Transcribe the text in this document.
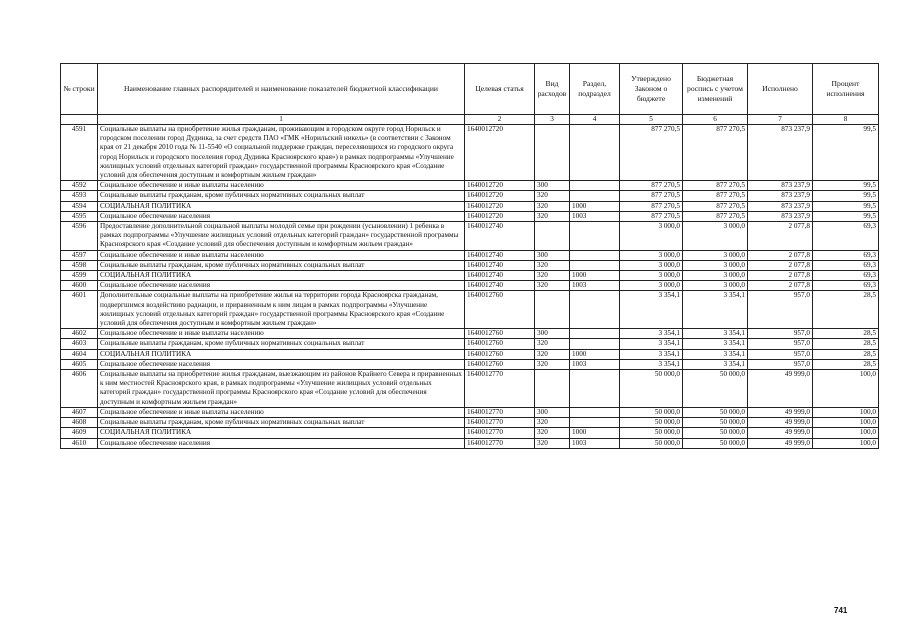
№ строки	Наименование главных распорядителей и наименование показателей бюджетной классификации	Целевая статья	Вид расходов	Раздел, подраздел	Утверждено Законом о бюджете	Бюджетная роспись с учетом изменений	Исполнено	Процент исполнения
	1	2	3	4	5	6	7	8
4591	Социальные выплаты на приобретение жилья гражданам, проживающим в городском округе город Норильск и городском поселении город Дудинка, за счет средств ПАО «ГМК «Норильский никель» (в соответствии с Законом края от 21 декабря 2010 года № 11-5540 «О социальной поддержке граждан, переселяющихся из городского округа город Норильск и городского поселения город Дудинка Красноярского края») в рамках подпрограммы «Улучшение жилищных условий отдельных категорий граждан» государственной программы Красноярского края «Создание условий для обеспечения доступным и комфортным жильем граждан»	1640012720			877 270,5	877 270,5	873 237,9	99,5
4592	Социальное обеспечение и иные выплаты населению	1640012720	300		877 270,5	877 270,5	873 237,9	99,5
4593	Социальные выплаты гражданам, кроме публичных нормативных социальных выплат	1640012720	320		877 270,5	877 270,5	873 237,9	99,5
4594	СОЦИАЛЬНАЯ ПОЛИТИКА	1640012720	320	1000	877 270,5	877 270,5	873 237,9	99,5
4595	Социальное обеспечение населения	1640012720	320	1003	877 270,5	877 270,5	873 237,9	99,5
4596	Предоставление дополнительной социальной выплаты молодой семье при рождении (усыновлении) 1 ребенка в рамках подпрограммы «Улучшение жилищных условий отдельных категорий граждан» государственной программы Красноярского края «Создание условий для обеспечения доступным и комфортным жильем граждан»	1640012740			3 000,0	3 000,0	2 077,8	69,3
4597	Социальное обеспечение и иные выплаты населению	1640012740	300		3 000,0	3 000,0	2 077,8	69,3
4598	Социальные выплаты гражданам, кроме публичных нормативных социальных выплат	1640012740	320		3 000,0	3 000,0	2 077,8	69,3
4599	СОЦИАЛЬНАЯ ПОЛИТИКА	1640012740	320	1000	3 000,0	3 000,0	2 077,8	69,3
4600	Социальное обеспечение населения	1640012740	320	1003	3 000,0	3 000,0	2 077,8	69,3
4601	Дополнительные социальные выплаты на приобретение жилья на территории города Красноярска гражданам, подвергшимся воздействию радиации, и приравненным к ним лицам в рамках подпрограммы «Улучшение жилищных условий отдельных категорий граждан» государственной программы Красноярского края «Создание условий для обеспечения доступным и комфортным жильем граждан»	1640012760			3 354,1	3 354,1	957,0	28,5
4602	Социальное обеспечение и иные выплаты населению	1640012760	300		3 354,1	3 354,1	957,0	28,5
4603	Социальные выплаты гражданам, кроме публичных нормативных социальных выплат	1640012760	320		3 354,1	3 354,1	957,0	28,5
4604	СОЦИАЛЬНАЯ ПОЛИТИКА	1640012760	320	1000	3 354,1	3 354,1	957,0	28,5
4605	Социальное обеспечение населения	1640012760	320	1003	3 354,1	3 354,1	957,0	28,5
4606	Социальные выплаты на приобретение жилья гражданам, выезжающим из районов Крайнего Севера и приравненных к ним местностей Красноярского края, в рамках подпрограммы «Улучшение жилищных условий отдельных категорий граждан» государственной программы Красноярского края «Создание условий для обеспечения доступным и комфортным жильем граждан»	1640012770			50 000,0	50 000,0	49 999,0	100,0
4607	Социальное обеспечение и иные выплаты населению	1640012770	300		50 000,0	50 000,0	49 999,0	100,0
4608	Социальные выплаты гражданам, кроме публичных нормативных социальных выплат	1640012770	320		50 000,0	50 000,0	49 999,0	100,0
4609	СОЦИАЛЬНАЯ ПОЛИТИКА	1640012770	320	1000	50 000,0	50 000,0	49 999,0	100,0
4610	Социальное обеспечение населения	1640012770	320	1003	50 000,0	50 000,0	49 999,0	100,0
741
